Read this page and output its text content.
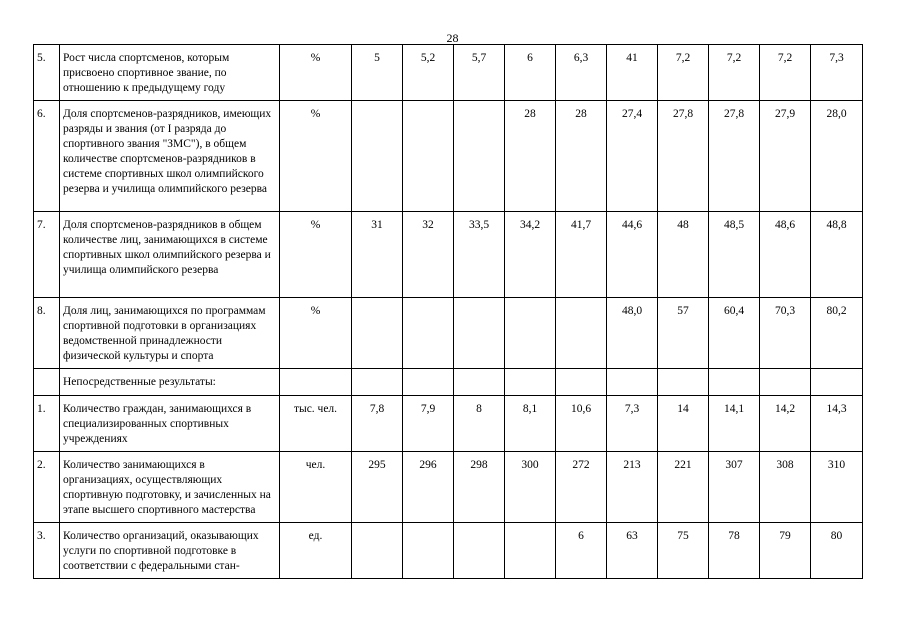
28
5.	Рост числа спортсменов, которым присвоено спортивное звание, по отношению к предыдущему году	%	5	5,2	5,7	6	6,3	41	7,2	7,2	7,2	7,3
6.	Доля спортсменов-разрядников, имеющих разряды и звания (от I разряда до спортивного звания "ЗМС"), в общем количестве спортсменов-разрядников в системе спортивных школ олимпийского резерва и училища олимпийского резерва	%				28	28	27,4	27,8	27,8	27,9	28,0
7.	Доля спортсменов-разрядников в общем количестве лиц, занимающихся в системе спортивных школ олимпийского резерва и училища олимпийского резерва	%	31	32	33,5	34,2	41,7	44,6	48	48,5	48,6	48,8
8.	Доля лиц, занимающихся по программам спортивной подготовки в организациях ведомственной принадлежности физической культуры и спорта	%						48,0	57	60,4	70,3	80,2
	Непосредственные результаты:											
1.	Количество граждан, занимающихся в специализированных спортивных учреждениях	тыс. чел.	7,8	7,9	8	8,1	10,6	7,3	14	14,1	14,2	14,3
2.	Количество занимающихся в организациях, осуществляющих спортивную подготовку, и зачисленных на этапе высшего спортивного мастерства	чел.	295	296	298	300	272	213	221	307	308	310
3.	Количество организаций, оказывающих услуги по спортивной подготовке в соответствии с федеральными стан-	ед.					6	63	75	78	79	80
